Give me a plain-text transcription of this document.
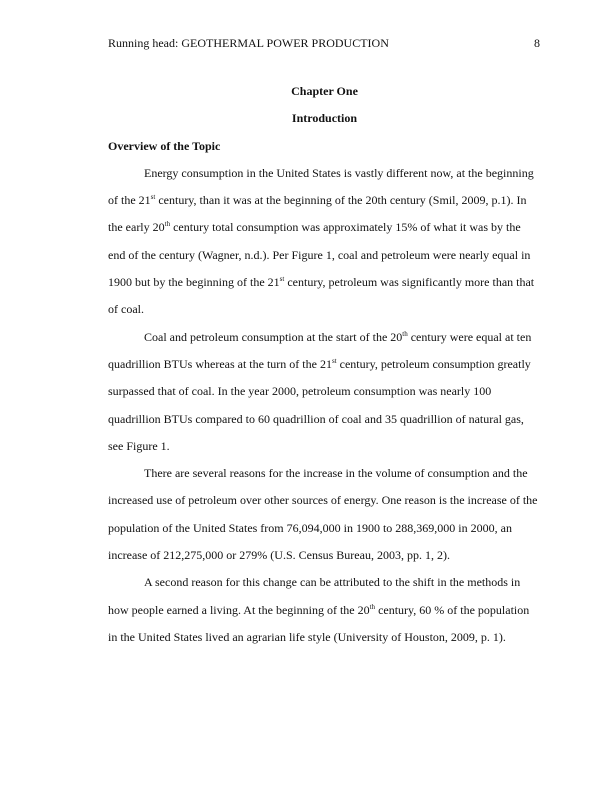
Running head: GEOTHERMAL POWER PRODUCTION	8

Chapter One

Introduction

Overview of the Topic

Energy consumption in the United States is vastly different now, at the beginning of the 21st century, than it was at the beginning of the 20th century (Smil, 2009, p.1). In the early 20th century total consumption was approximately 15% of what it was by the end of the century (Wagner, n.d.). Per Figure 1, coal and petroleum were nearly equal in 1900 but by the beginning of the 21st century, petroleum was significantly more than that of coal.

Coal and petroleum consumption at the start of the 20th century were equal at ten quadrillion BTUs whereas at the turn of the 21st century, petroleum consumption greatly surpassed that of coal. In the year 2000, petroleum consumption was nearly 100 quadrillion BTUs compared to 60 quadrillion of coal and 35 quadrillion of natural gas, see Figure 1.

There are several reasons for the increase in the volume of consumption and the increased use of petroleum over other sources of energy. One reason is the increase of the population of the United States from 76,094,000 in 1900 to 288,369,000 in 2000, an increase of 212,275,000 or 279% (U.S. Census Bureau, 2003, pp. 1, 2).

A second reason for this change can be attributed to the shift in the methods in how people earned a living. At the beginning of the 20th century, 60 % of the population in the United States lived an agrarian life style (University of Houston, 2009, p. 1).
